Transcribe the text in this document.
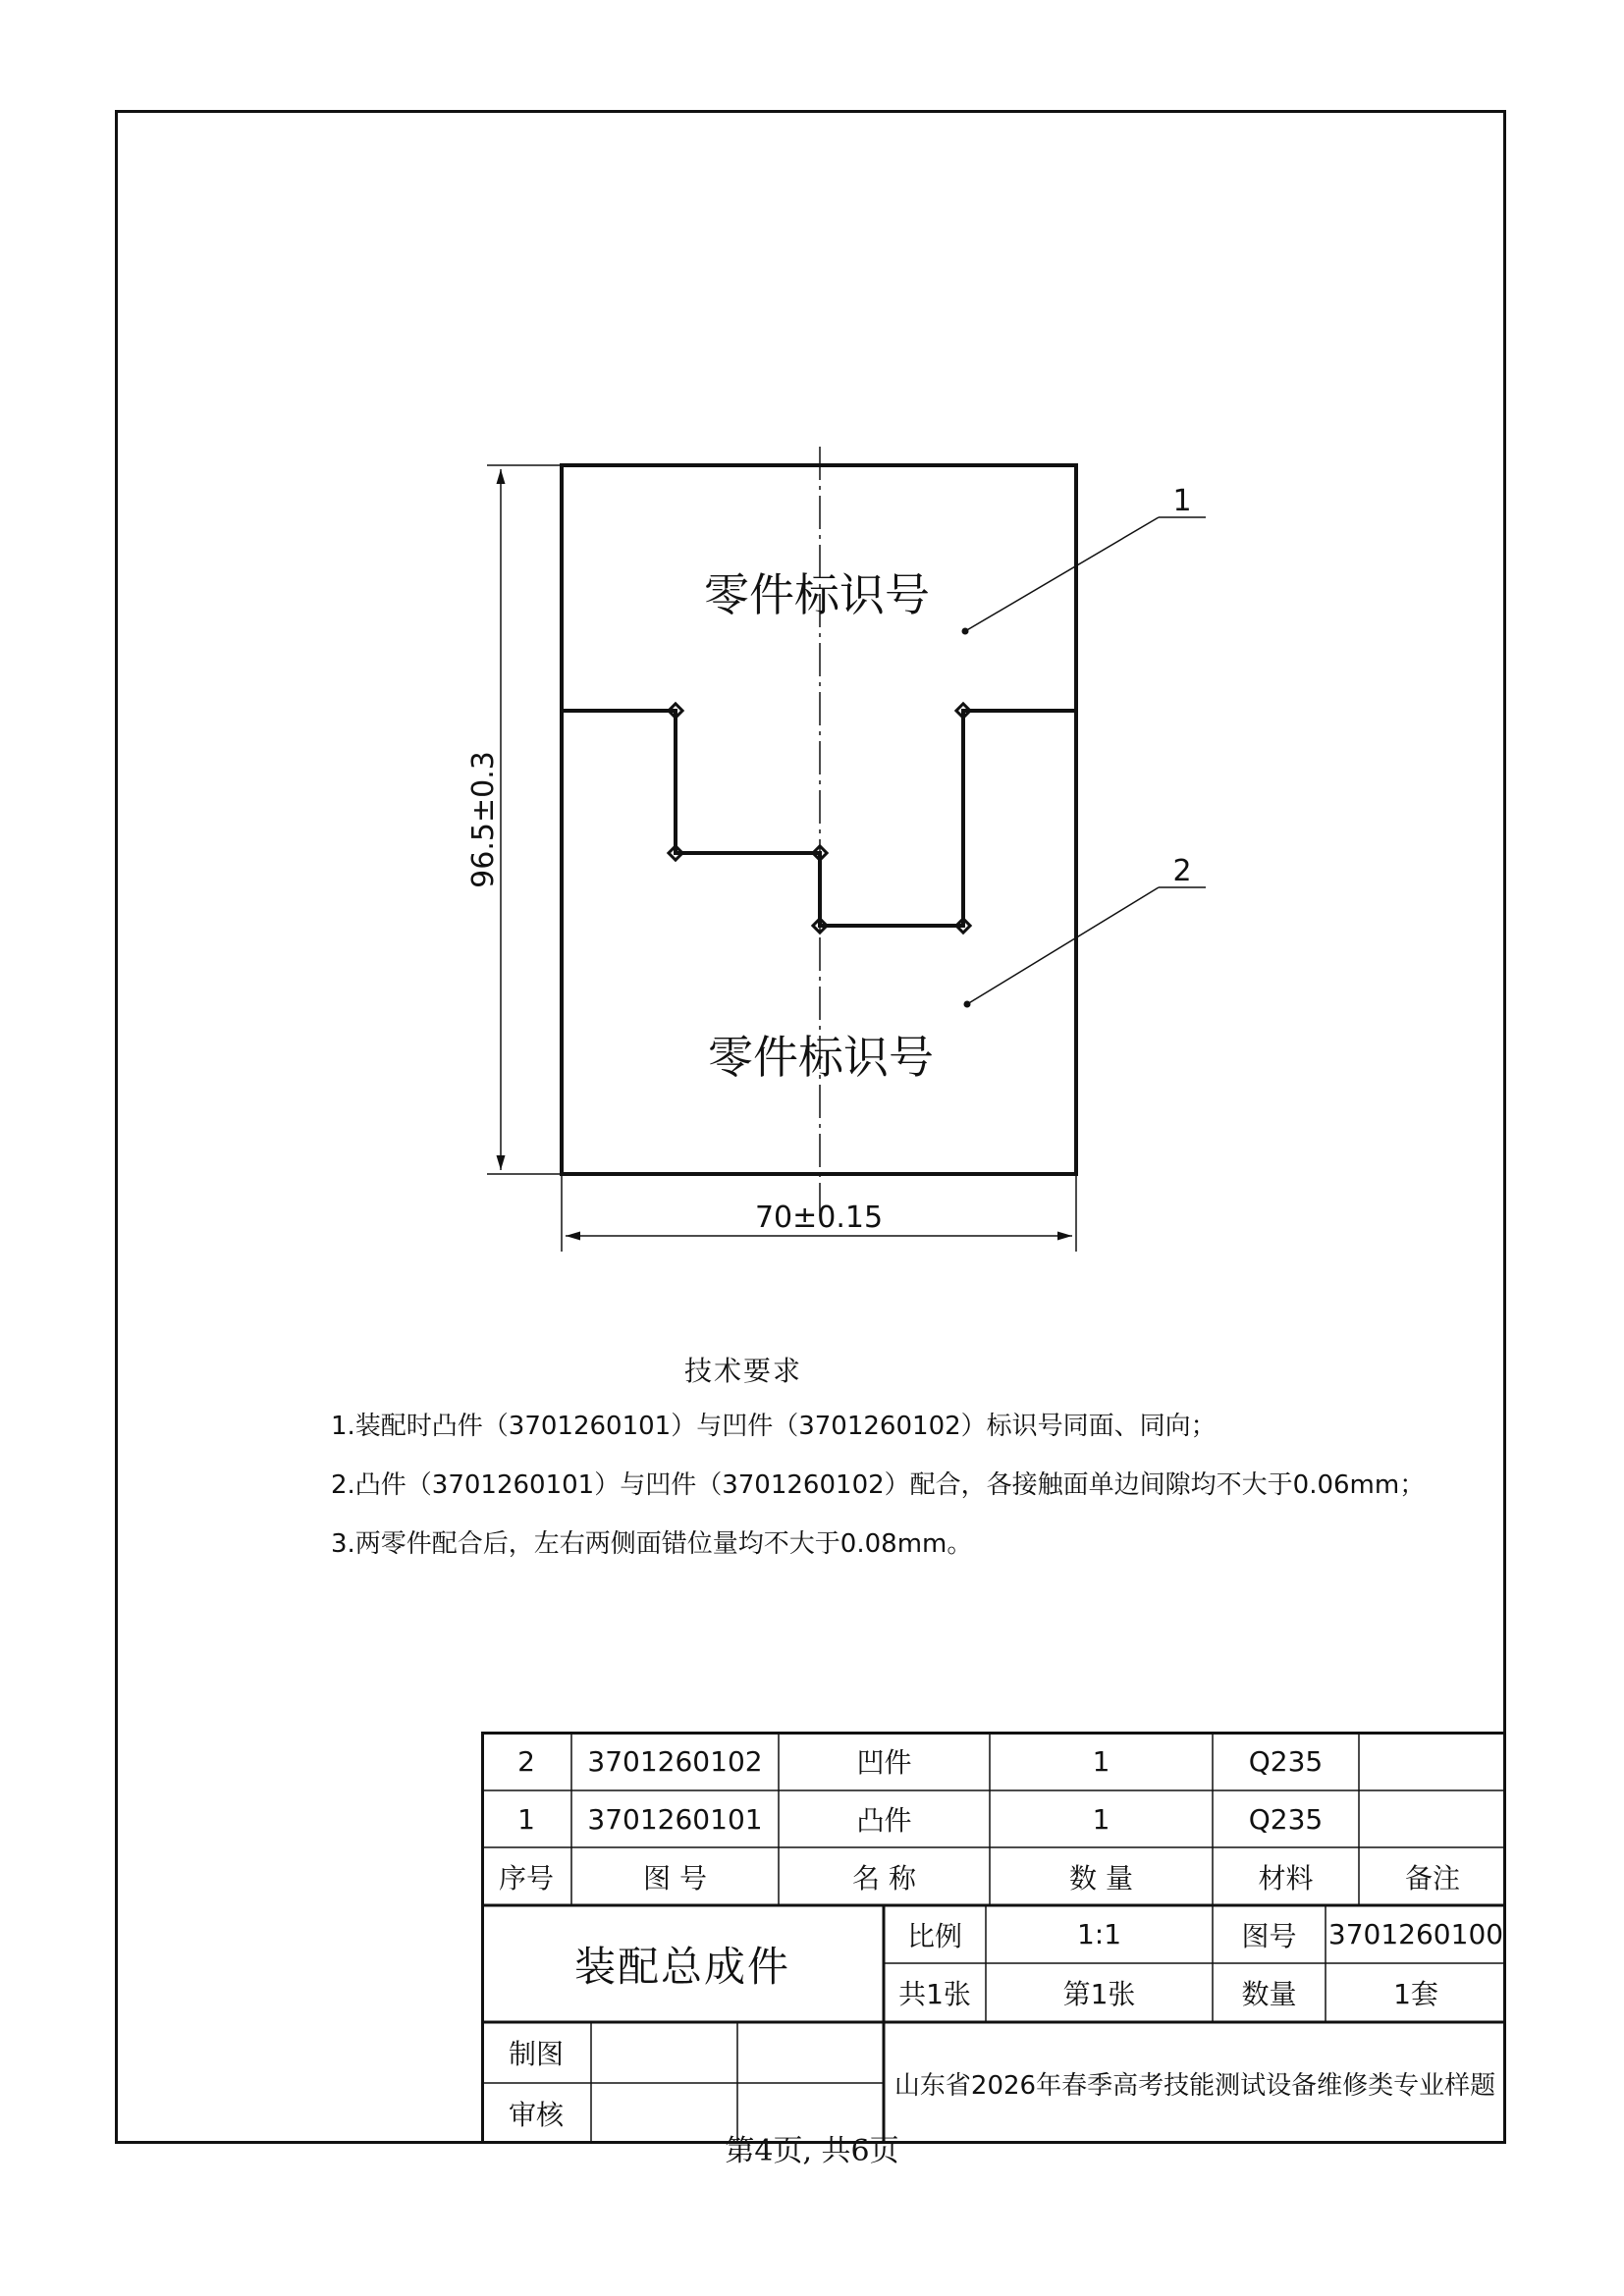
零件标识号
零件标识号
1
2
96.5±0.3
70±0.15
技术要求
1.装配时凸件（3701260101）与凹件（3701260102）标识号同面、同向；
2.凸件（3701260101）与凹件（3701260102）配合，各接触面单边间隙均不大于0.06mm；
3.两零件配合后，左右两侧面错位量均不大于0.08mm。
2	3701260102	凹件	1	Q235
1	3701260101	凸件	1	Q235
序号	图 号	名 称	数 量	材料	备注
装配总成件
比例	1:1	图号	3701260100
共1张	第1张	数量	1套
制图
审核
山东省2026年春季高考技能测试设备维修类专业样题
第4页, 共6页
